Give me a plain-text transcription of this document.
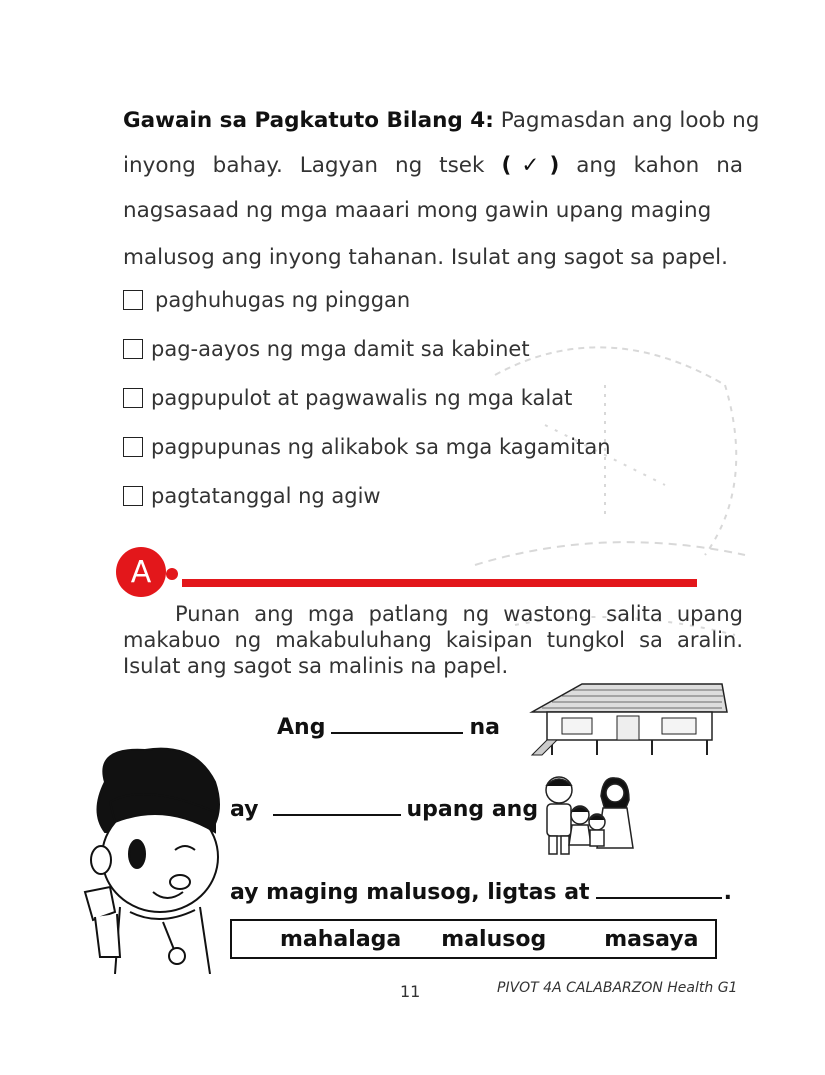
Gawain sa Pagkatuto Bilang 4: Pagmasdan ang loob ng
inyong bahay. Lagyan ng tsek (✓) ang kahon na
nagsasaad ng mga maaari mong gawin upang maging
malusog ang inyong tahanan. Isulat ang sagot sa papel.
paghuhugas ng pinggan
pag-aayos ng mga damit sa kabinet
pagpupulot at pagwawalis ng mga kalat
pagpupunas ng alikabok sa mga kagamitan
pagtatanggal ng agiw
A
Punan ang mga patlang ng wastong salita upang
makabuo ng makabuluhang kaisipan tungkol sa aralin.
Isulat ang sagot sa malinis na papel.
Ang	na
ay	upang ang
ay maging malusog, ligtas at	.
mahalaga malusog	masaya
11	PIVOT 4A CALABARZON Health G1
